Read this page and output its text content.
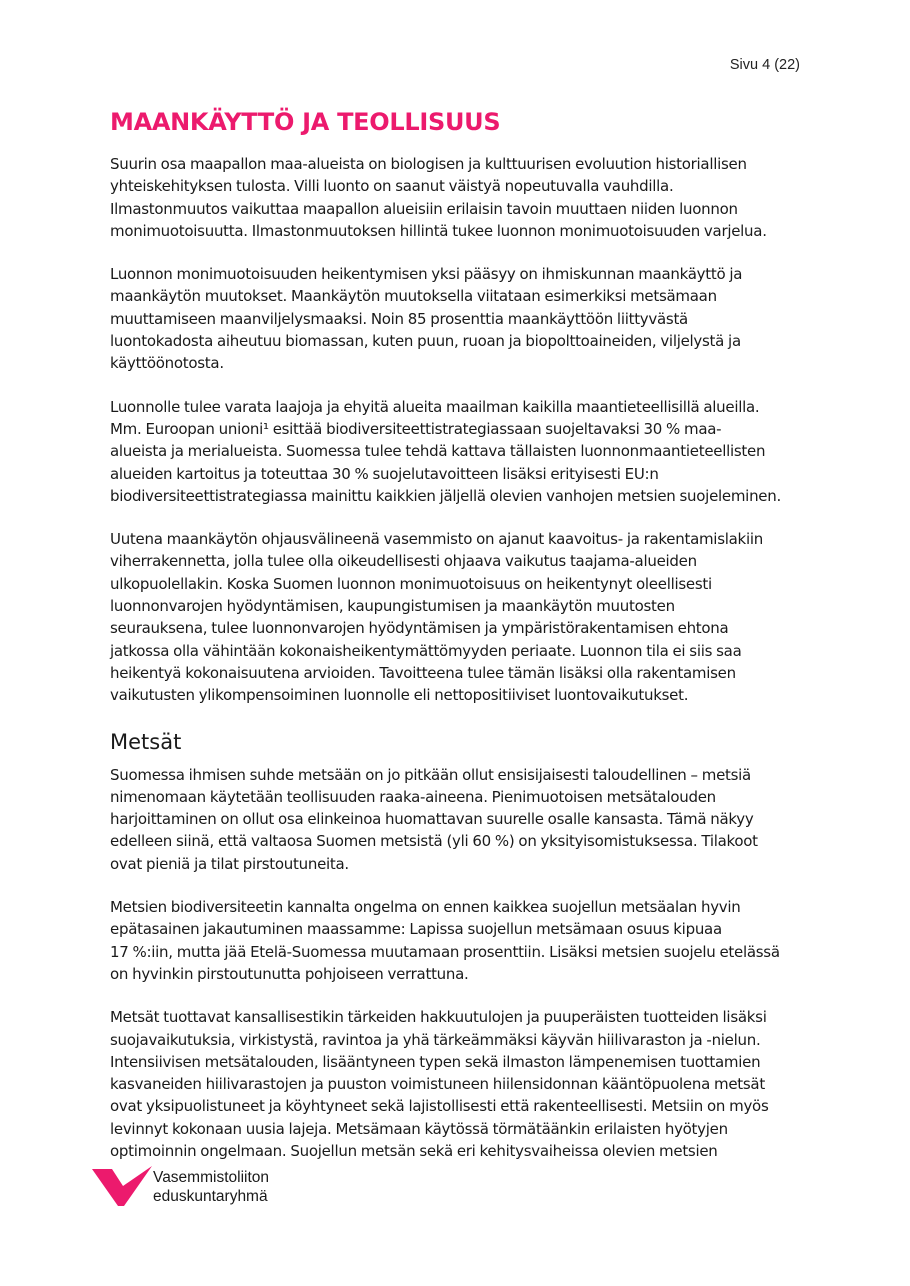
Sivu 4 (22)
MAANKÄYTTÖ JA TEOLLISUUS

Suurin osa maapallon maa-alueista on biologisen ja kulttuurisen evoluution historiallisen
yhteiskehityksen tulosta. Villi luonto on saanut väistyä nopeutuvalla vauhdilla.
Ilmastonmuutos vaikuttaa maapallon alueisiin erilaisin tavoin muuttaen niiden luonnon
monimuotoisuutta. Ilmastonmuutoksen hillintä tukee luonnon monimuotoisuuden varjelua.

Luonnon monimuotoisuuden heikentymisen yksi pääsyy on ihmiskunnan maankäyttö ja
maankäytön muutokset. Maankäytön muutoksella viitataan esimerkiksi metsämaan
muuttamiseen maanviljelysmaaksi. Noin 85 prosenttia maankäyttöön liittyvästä
luontokadosta aiheutuu biomassan, kuten puun, ruoan ja biopolttoaineiden, viljelystä ja
käyttöönotosta.

Luonnolle tulee varata laajoja ja ehyitä alueita maailman kaikilla maantieteellisillä alueilla.
Mm. Euroopan unioni¹ esittää biodiversiteettistrategiassaan suojeltavaksi 30 % maa-
alueista ja merialueista. Suomessa tulee tehdä kattava tällaisten luonnonmaantieteellisten
alueiden kartoitus ja toteuttaa 30 % suojelutavoitteen lisäksi erityisesti EU:n
biodiversiteettistrategiassa mainittu kaikkien jäljellä olevien vanhojen metsien suojeleminen.

Uutena maankäytön ohjausvälineenä vasemmisto on ajanut kaavoitus- ja rakentamislakiin
viherrakennetta, jolla tulee olla oikeudellisesti ohjaava vaikutus taajama-alueiden
ulkopuolellakin. Koska Suomen luonnon monimuotoisuus on heikentynyt oleellisesti
luonnonvarojen hyödyntämisen, kaupungistumisen ja maankäytön muutosten
seurauksena, tulee luonnonvarojen hyödyntämisen ja ympäristörakentamisen ehtona
jatkossa olla vähintään kokonaisheikentymättömyyden periaate. Luonnon tila ei siis saa
heikentyä kokonaisuutena arvioiden. Tavoitteena tulee tämän lisäksi olla rakentamisen
vaikutusten ylikompensoiminen luonnolle eli nettopositiiviset luontovaikutukset.

Metsät

Suomessa ihmisen suhde metsään on jo pitkään ollut ensisijaisesti taloudellinen – metsiä
nimenomaan käytetään teollisuuden raaka-aineena. Pienimuotoisen metsätalouden
harjoittaminen on ollut osa elinkeinoa huomattavan suurelle osalle kansasta. Tämä näkyy
edelleen siinä, että valtaosa Suomen metsistä (yli 60 %) on yksityisomistuksessa. Tilakoot
ovat pieniä ja tilat pirstoutuneita.

Metsien biodiversiteetin kannalta ongelma on ennen kaikkea suojellun metsäalan hyvin
epätasainen jakautuminen maassamme: Lapissa suojellun metsämaan osuus kipuaa
17 %:iin, mutta jää Etelä-Suomessa muutamaan prosenttiin. Lisäksi metsien suojelu etelässä
on hyvinkin pirstoutunutta pohjoiseen verrattuna.

Metsät tuottavat kansallisestikin tärkeiden hakkuutulojen ja puuperäisten tuotteiden lisäksi
suojavaikutuksia, virkistystä, ravintoa ja yhä tärkeämmäksi käyvän hiilivaraston ja -nielun.
Intensiivisen metsätalouden, lisääntyneen typen sekä ilmaston lämpenemisen tuottamien
kasvaneiden hiilivarastojen ja puuston voimistuneen hiilensidonnan kääntöpuolena metsät
ovat yksipuolistuneet ja köyhtyneet sekä lajistollisesti että rakenteellisesti. Metsiin on myös
levinnyt kokonaan uusia lajeja. Metsämaan käytössä törmätäänkin erilaisten hyötyjen
optimoinnin ongelmaan. Suojellun metsän sekä eri kehitysvaiheissa olevien metsien

Vasemmistoliiton
eduskuntaryhmä
